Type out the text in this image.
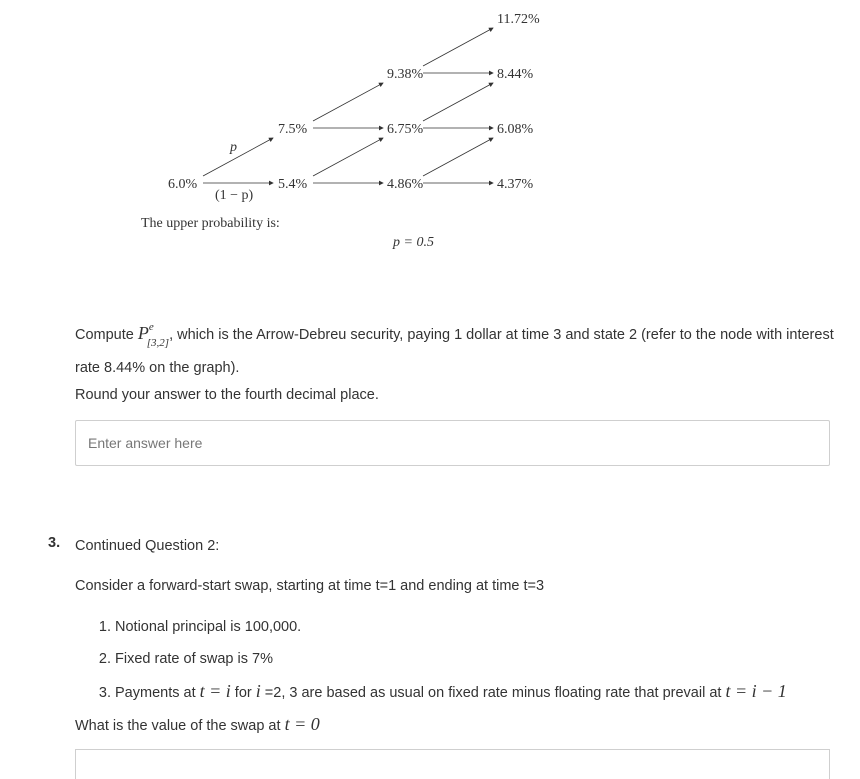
6.0%
7.5%
5.4%
9.38%
6.75%
4.86%
11.72%
8.44%
6.08%
4.37%
p
(1 − p)
The upper probability is:
p = 0.5
Compute $P^e_{[3,2]}$, which is the Arrow-Debreu security, paying 1 dollar at time 3 and state 2 (refer to the node with interest rate 8.44% on the graph).
Round your answer to the fourth decimal place.
Enter answer here
3. Continued Question 2:
Consider a forward-start swap, starting at time t=1 and ending at time t=3
1. Notional principal is 100,000.
2. Fixed rate of swap is 7%
3. Payments at t = i for i =2, 3 are based as usual on fixed rate minus floating rate that prevail at t = i − 1
What is the value of the swap at t = 0
